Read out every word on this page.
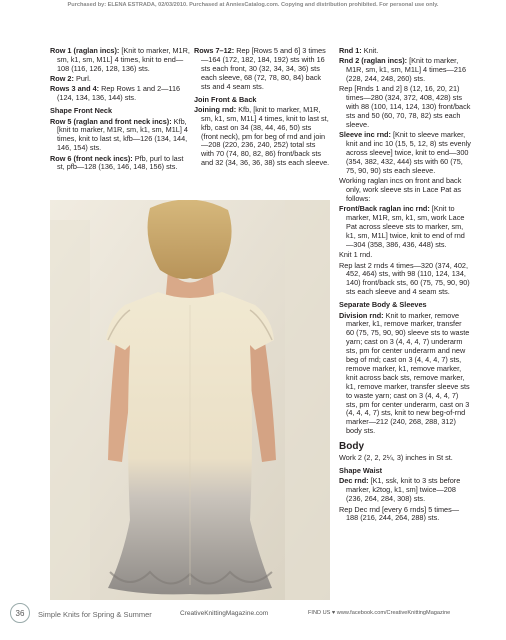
Purchased by: ELENA ESTRADA, 02/03/2010. Purchased at AnniesCatalog.com. Copying and distribution prohibited. For personal use only.

Row 1 (raglan incs): [Knit to marker, M1R, sm, k1, sm, M1L] 4 times, knit to end—108 (116, 126, 128, 136) sts.

Row 2: Purl.

Rows 3 and 4: Rep Rows 1 and 2—116 (124, 134, 136, 144) sts.

Shape Front Neck

Row 5 (raglan and front neck incs): Kfb, [knit to marker, M1R, sm, k1, sm, M1L] 4 times, knit to last st, kfb—126 (134, 144, 146, 154) sts.

Row 6 (front neck incs): Pfb, purl to last st, pfb—128 (136, 146, 148, 156) sts.

Rows 7–12: Rep [Rows 5 and 6] 3 times—164 (172, 182, 184, 192) sts with 16 sts each front, 30 (32, 34, 34, 36) sts each sleeve, 68 (72, 78, 80, 84) back sts and 4 seam sts.

Join Front & Back

Joining rnd: Kfb, [knit to marker, M1R, sm, k1, sm, M1L] 4 times, knit to last st, kfb, cast on 34 (38, 44, 46, 50) sts (front neck), pm for beg of rnd and join—208 (220, 236, 240, 252) total sts with 70 (74, 80, 82, 86) front/back sts and 32 (34, 36, 36, 38) sts each sleeve.

Rnd 1: Knit.

Rnd 2 (raglan incs): [Knit to marker, M1R, sm, k1, sm, M1L] 4 times—216 (228, 244, 248, 260) sts.

Rep [Rnds 1 and 2] 8 (12, 16, 20, 21) times—280 (324, 372, 408, 428) sts with 88 (100, 114, 124, 130) front/back sts and 50 (60, 70, 78, 82) sts each sleeve.

Sleeve inc rnd: [Knit to sleeve marker, knit and inc 10 (15, 5, 12, 8) sts evenly across sleeve] twice, knit to end—300 (354, 382, 432, 444) sts with 60 (75, 75, 90, 90) sts each sleeve.

Working raglan incs on front and back only, work sleeve sts in Lace Pat as follows:

Front/Back raglan inc rnd: [Knit to marker, M1R, sm, k1, sm, work Lace Pat across sleeve sts to marker, sm, k1, sm, M1L] twice, knit to end of rnd—304 (358, 386, 436, 448) sts.

Knit 1 rnd.

Rep last 2 rnds 4 times—320 (374, 402, 452, 464) sts, with 98 (110, 124, 134, 140) front/back sts, 60 (75, 75, 90, 90) sts each sleeve and 4 seam sts.

Separate Body & Sleeves

Division rnd: Knit to marker, remove marker, k1, remove marker, transfer 60 (75, 75, 90, 90) sleeve sts to waste yarn; cast on 3 (4, 4, 4, 7) underarm sts, pm for center underarm and new beg of rnd; cast on 3 (4, 4, 4, 7) sts, remove marker, k1, remove marker, knit across back sts, remove marker, k1, remove marker, transfer sleeve sts to waste yarn; cast on 3 (4, 4, 4, 7) sts, pm for center underarm, cast on 3 (4, 4, 4, 7) sts, knit to new beg-of-rnd marker—212 (240, 268, 288, 312) body sts.

Body

Work 2 (2, 2, 2¼, 3) inches in St st.

Shape Waist

Dec rnd: [K1, ssk, knit to 3 sts before marker, k2tog, k1, sm] twice—208 (236, 264, 284, 308) sts.

Rep Dec rnd [every 6 rnds] 5 times—188 (216, 244, 264, 288) sts.

36	Simple Knits for Spring & Summer	CreativeKnittingMagazine.com	FIND US ♥ www.facebook.com/CreativeKnittingMagazine
